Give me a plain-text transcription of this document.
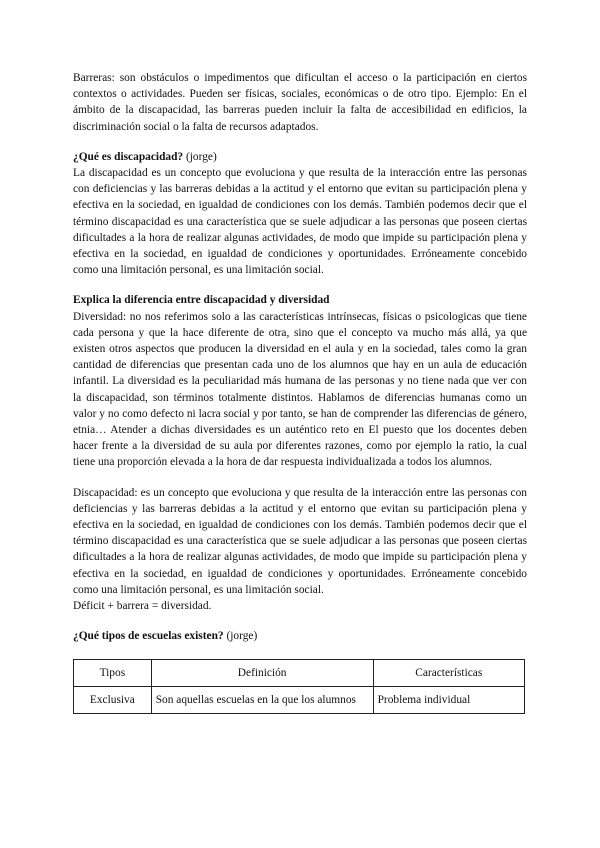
Barreras: son obstáculos o impedimentos que dificultan el acceso o la participación en ciertos contextos o actividades. Pueden ser físicas, sociales, económicas o de otro tipo. Ejemplo: En el ámbito de la discapacidad, las barreras pueden incluir la falta de accesibilidad en edificios, la discriminación social o la falta de recursos adaptados.

¿Qué es discapacidad? (jorge)

La discapacidad es un concepto que evoluciona y que resulta de la interacción entre las personas con deficiencias y las barreras debidas a la actitud y el entorno que evitan su participación plena y efectiva en la sociedad, en igualdad de condiciones con los demás. También podemos decir que el término discapacidad es una característica que se suele adjudicar a las personas que poseen ciertas dificultades a la hora de realizar algunas actividades, de modo que impide su participación plena y efectiva en la sociedad, en igualdad de condiciones y oportunidades. Erróneamente concebido como una limitación personal, es una limitación social.

Explica la diferencia entre discapacidad y diversidad

Diversidad: no nos referimos solo a las características intrínsecas, físicas o psicologicas que tiene cada persona y que la hace diferente de otra, sino que el concepto va mucho más allá, ya que existen otros aspectos que producen la diversidad en el aula y en la sociedad, tales como la gran cantidad de diferencias que presentan cada uno de los alumnos que hay en un aula de educación infantil. La diversidad es la peculiaridad más humana de las personas y no tiene nada que ver con la discapacidad, son términos totalmente distintos. Hablamos de diferencias humanas como un valor y no como defecto ni lacra social y por tanto, se han de comprender las diferencias de género, etnia… Atender a dichas diversidades es un auténtico reto en El puesto que los docentes deben hacer frente a la diversidad de su aula por diferentes razones, como por ejemplo la ratio, la cual tiene una proporción elevada a la hora de dar respuesta individualizada a todos los alumnos.

Discapacidad: es un concepto que evoluciona y que resulta de la interacción entre las personas con deficiencias y las barreras debidas a la actitud y el entorno que evitan su participación plena y efectiva en la sociedad, en igualdad de condiciones con los demás. También podemos decir que el término discapacidad es una característica que se suele adjudicar a las personas que poseen ciertas dificultades a la hora de realizar algunas actividades, de modo que impide su participación plena y efectiva en la sociedad, en igualdad de condiciones y oportunidades. Erróneamente concebido como una limitación personal, es una limitación social.

Déficit + barrera = diversidad.

¿Qué tipos de escuelas existen? (jorge)

Tipos	Definición	Características
Exclusiva	Son aquellas escuelas en la que los alumnos	Problema individual
